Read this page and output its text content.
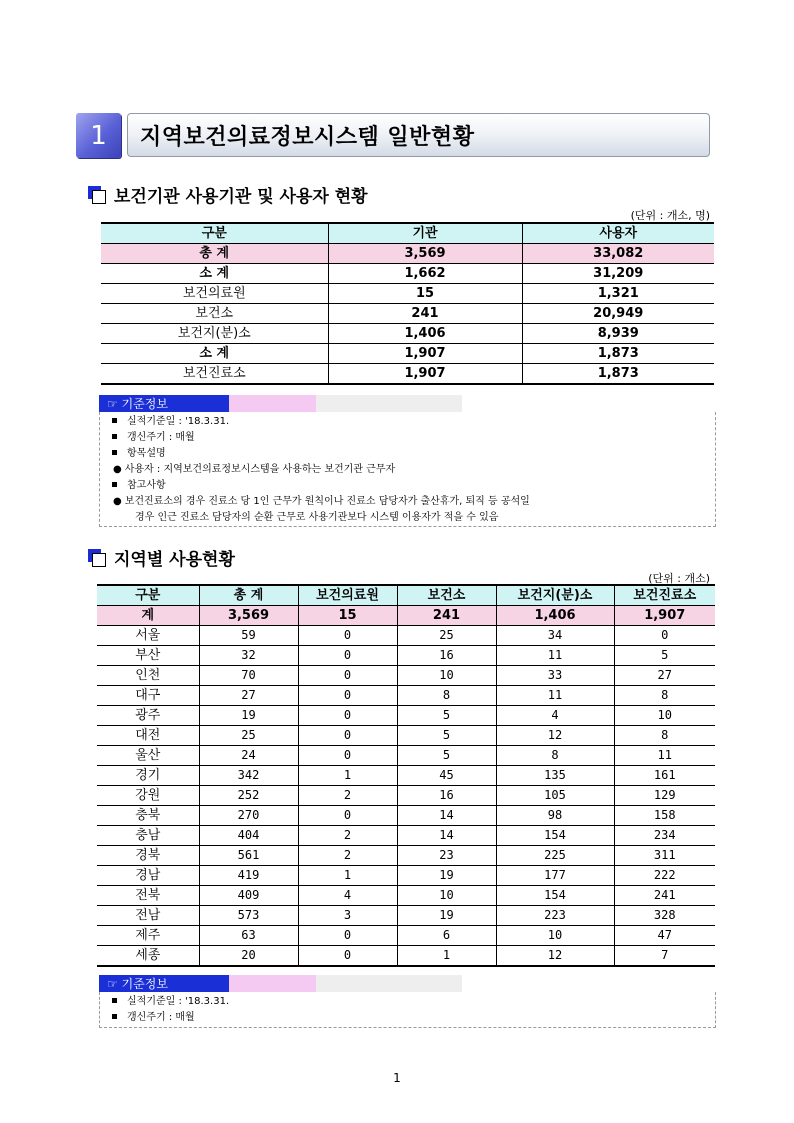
1	지역보건의료정보시스템 일반현황
보건기관 사용기관 및 사용자 현황
(단위 : 개소, 명)
구분	기관	사용자
총 계	3,569	33,082
소 계	1,662	31,209
보건의료원	15	1,321
보건소	241	20,949
보건지(분)소	1,406	8,939
소 계	1,907	1,873
보건진료소	1,907	1,873
☞ 기준정보
실적기준일 : '18.3.31.
갱신주기 : 매월
항목설명
● 사용자 : 지역보건의료정보시스템을 사용하는 보건기관 근무자
참고사항
● 보건진료소의 경우 진료소 당 1인 근무가 원칙이나 진료소 담당자가 출산휴가, 퇴직 등 공석일
경우 인근 진료소 담당자의 순환 근무로 사용기관보다 시스템 이용자가 적을 수 있음
지역별 사용현황
(단위 : 개소)
구분	총 계	보건의료원	보건소	보건지(분)소	보건진료소
계	3,569	15	241	1,406	1,907
서울	59	0	25	34	0
부산	32	0	16	11	5
인천	70	0	10	33	27
대구	27	0	8	11	8
광주	19	0	5	4	10
대전	25	0	5	12	8
울산	24	0	5	8	11
경기	342	1	45	135	161
강원	252	2	16	105	129
충북	270	0	14	98	158
충남	404	2	14	154	234
경북	561	2	23	225	311
경남	419	1	19	177	222
전북	409	4	10	154	241
전남	573	3	19	223	328
제주	63	0	6	10	47
세종	20	0	1	12	7
☞ 기준정보
실적기준일 : '18.3.31.
갱신주기 : 매월
1
